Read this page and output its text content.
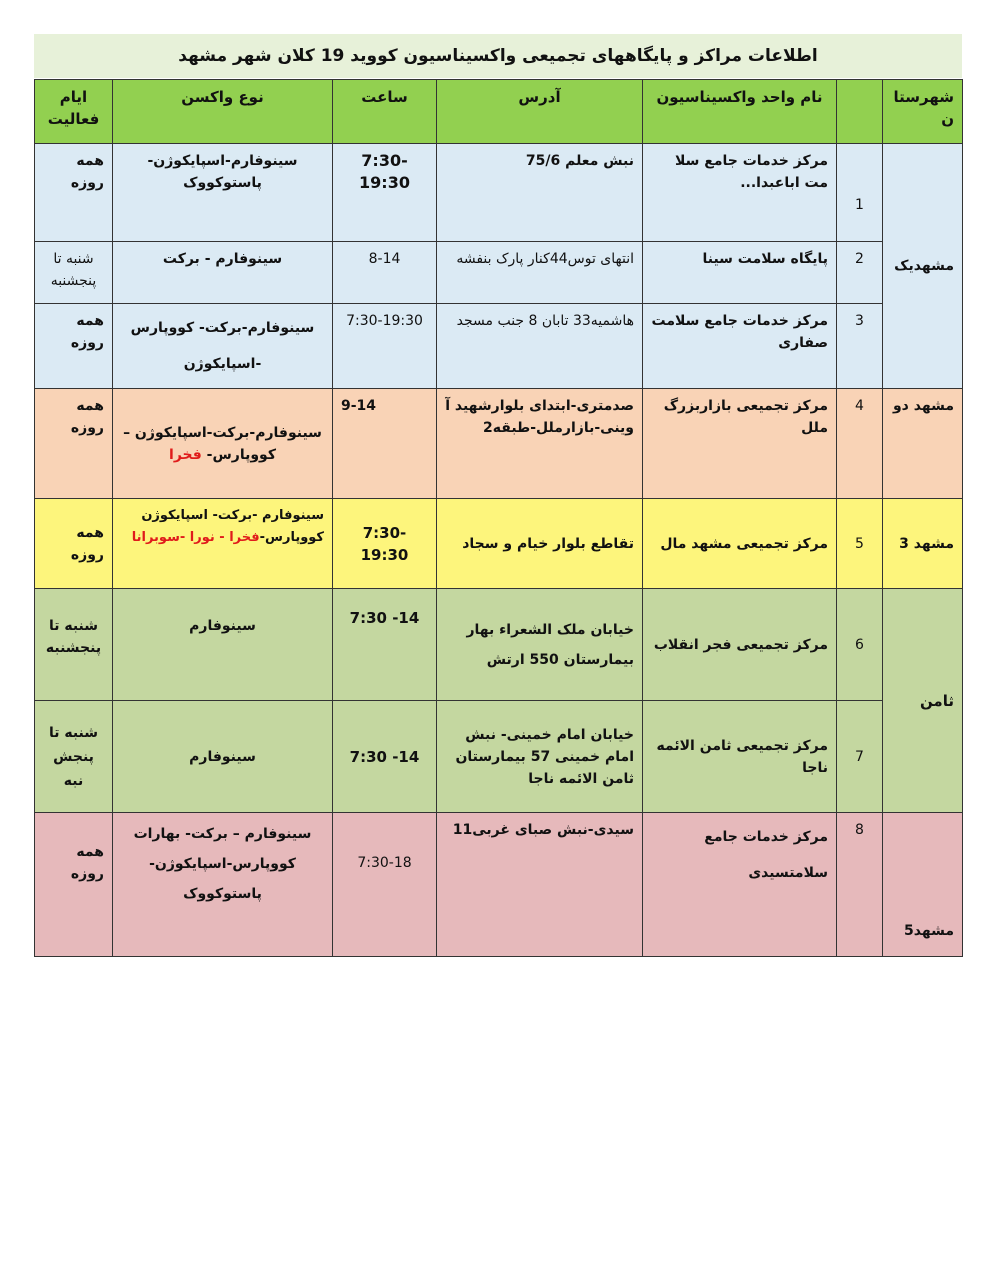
اطلاعات مراکز و پایگاههای تجمیعی واکسیناسیون کووید 19 کلان شهر مشهد
شهرستا ن		نام واحد واکسیناسیون	آدرس	ساعت	نوع واکسن	ایام فعالیت
مشهدیک	1	مرکز خدمات جامع سلا مت اباعبدا...	نبش معلم 75/6	7:30- 19:30	سینوفارم-اسپایکوژن- پاستوکووک	همه روزه
	2	پایگاه سلامت سینا	انتهای توس44کنار پارک بنفشه	8-14	سینوفارم - برکت	شنبه تا پنجشنبه
	3	مرکز خدمات جامع سلامت صفاری	هاشمیه33 تابان 8 جنب مسجد	7:30-19:30	سینوفارم-برکت- کووپارس -اسپایکوژن	همه روزه
مشهد دو	4	مرکز تجمیعی بازاربزرگ ملل	صدمتری-ابتدای بلوارشهید آ وینی-بازارملل-طبقه2	9-14	سینوفارم-برکت-اسپایکوژن – کووپارس- فخرا	همه روزه
مشهد 3	5	مرکز تجمیعی مشهد مال	تقاطع بلوار خیام و سجاد	7:30-19:30	سینوفارم -برکت- اسپایکوژن کووپارس-فخرا - نورا -سوبرانا	همه روزه
ثامن	6	مرکز تجمیعی فجر انقلاب	خیابان ملک الشعراء بهار بیمارستان 550 ارتش	7:30 -14	سینوفارم	شنبه تا پنجشنبه
	7	مرکز تجمیعی ثامن الائمه ناجا	خیابان امام خمینی- نبش امام خمینی 57 بیمارستان ثامن الائمه ناجا	7:30 -14	سینوفارم	شنبه تا پنجش نبه
مشهد5	8	مرکز خدمات جامع سلامتسیدی	سیدی-نبش صبای غربی11	7:30-18	سینوفارم – برکت- بهارات کووپارس-اسپایکوژن- پاستوکووک	همه روزه
